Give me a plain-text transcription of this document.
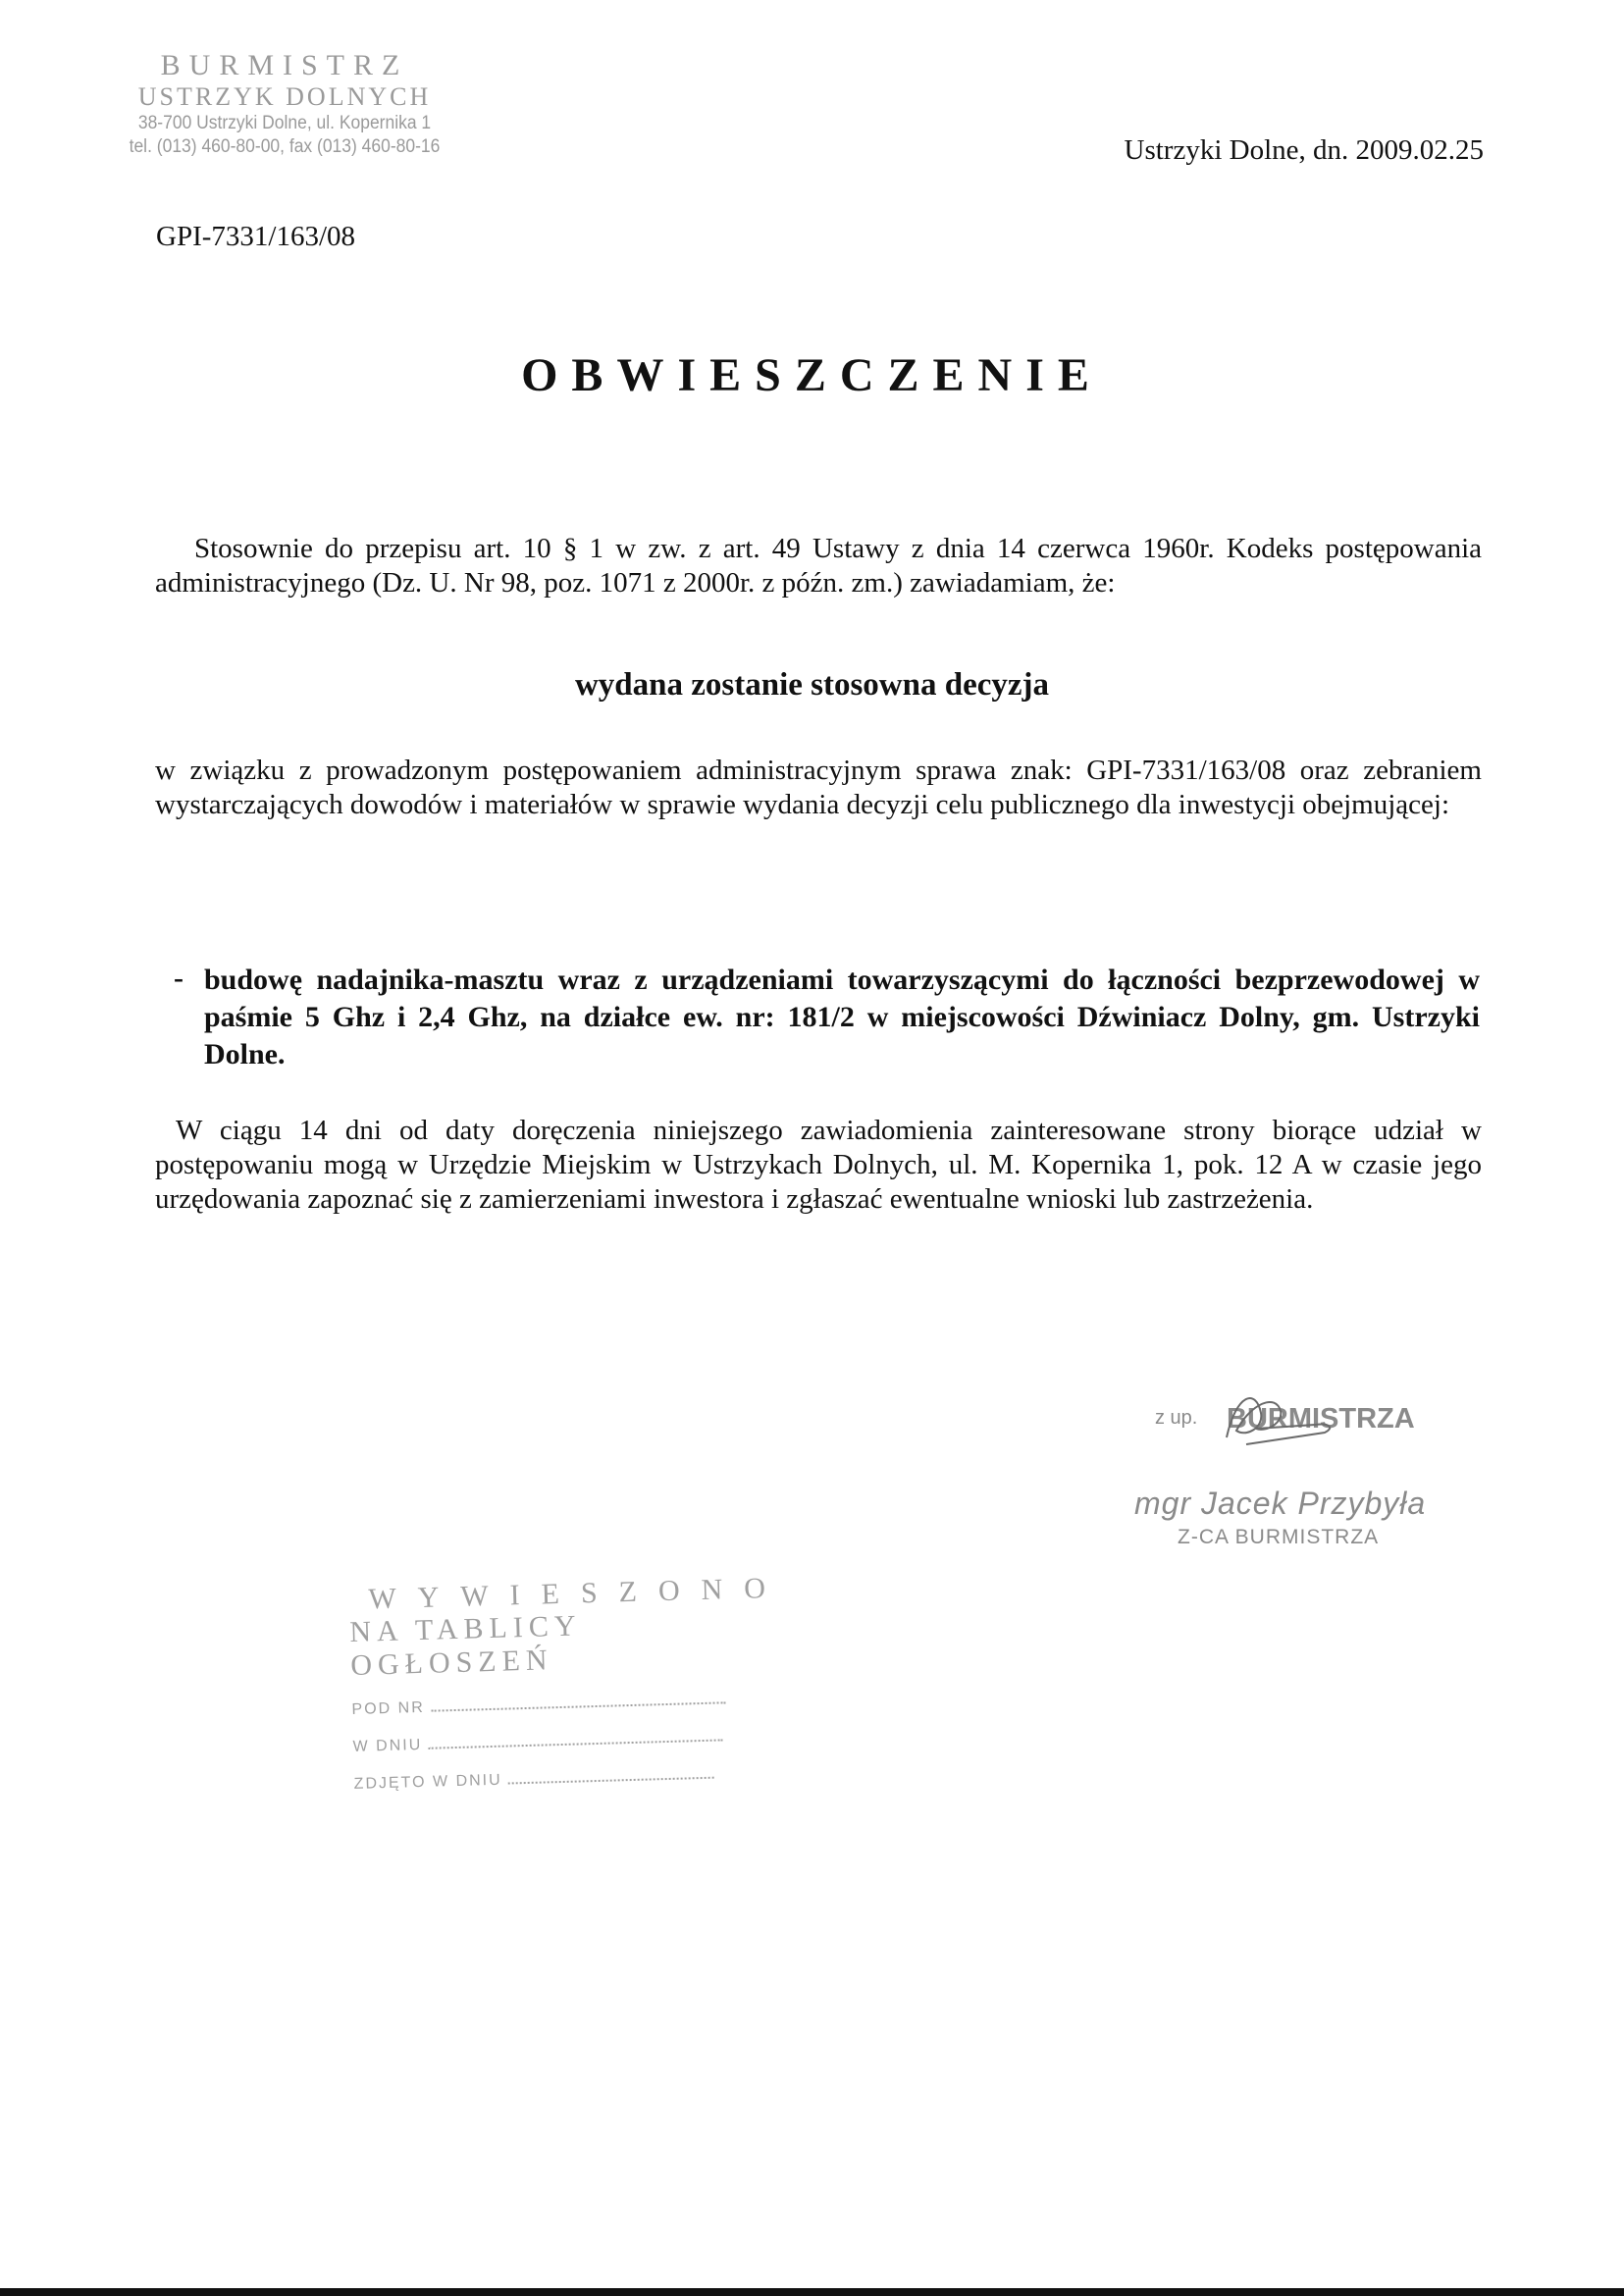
BURMISTRZ
USTRZYK DOLNYCH
38-700 Ustrzyki Dolne, ul. Kopernika 1
tel. (013) 460-80-00, fax (013) 460-80-16	Ustrzyki Dolne, dn. 2009.02.25
GPI-7331/163/08
OBWIESZCZENIE
Stosownie do przepisu art. 10 § 1 w zw. z art. 49 Ustawy z dnia 14 czerwca 1960r. Kodeks postępowania administracyjnego (Dz. U. Nr 98, poz. 1071 z 2000r. z późn. zm.) zawiadamiam, że:
wydana zostanie stosowna decyzja
w związku z prowadzonym postępowaniem administracyjnym sprawa znak: GPI-7331/163/08 oraz zebraniem wystarczających dowodów i materiałów w sprawie wydania decyzji celu publicznego dla inwestycji obejmującej:
- budowę nadajnika-masztu wraz z urządzeniami towarzyszącymi do łączności bezprzewodowej w paśmie 5 Ghz i 2,4 Ghz, na działce ew. nr: 181/2 w miejscowości Dźwiniacz Dolny, gm. Ustrzyki Dolne.
W ciągu 14 dni od daty doręczenia niniejszego zawiadomienia zainteresowane strony biorące udział w postępowaniu mogą w Urzędzie Miejskim w Ustrzykach Dolnych, ul. M. Kopernika 1, pok. 12 A w czasie jego urzędowania zapoznać się z zamierzeniami inwestora i zgłaszać ewentualne wnioski lub zastrzeżenia.
z up. BURMISTRZA
mgr Jacek Przybyła
Z-CA BURMISTRZA
WYWIESZONO
NA TABLICY OGŁOSZEŃ
POD NR
W DNIU
ZDJĘTO W DNIU
